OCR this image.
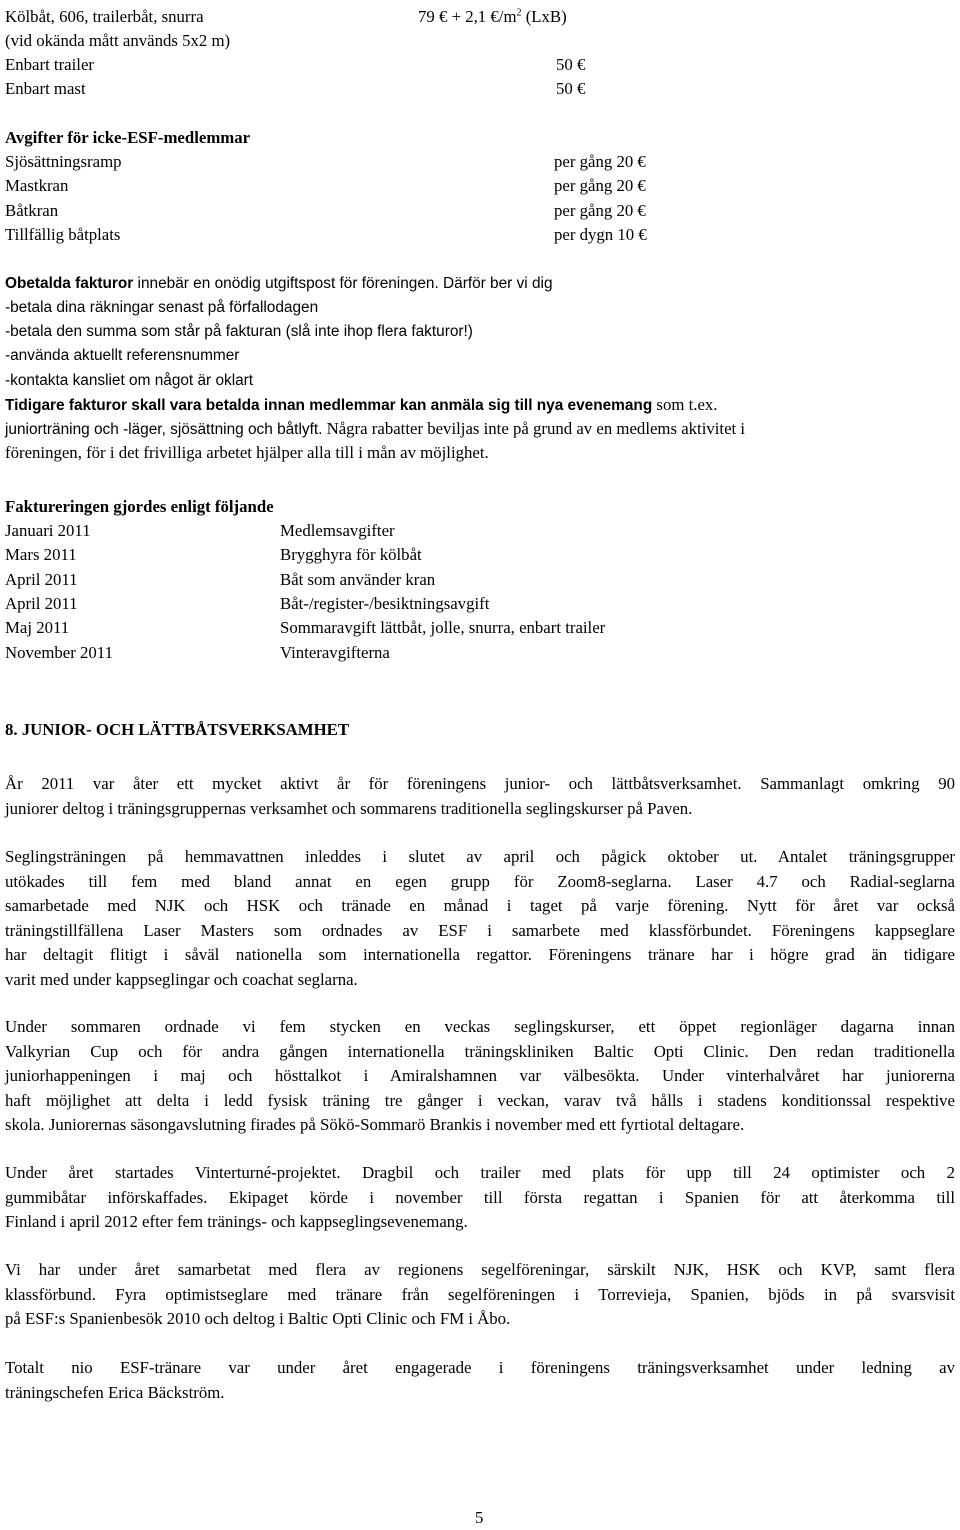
Kölbåt, 606, trailerbåt, snurra	79 € + 2,1 $€/m^2$ (LxB)
(vid okända mått används 5x2 m)
Enbart trailer	50 €
Enbart mast	50 €
Avgifter för icke-ESF-medlemmar
Sjösättningsramp	per gång 20 €
Mastkran	per gång 20 €
Båtkran	per gång 20 €
Tillfällig båtplats	per dygn 10 €
Obetalda fakturor innebär en onödig utgiftspost för föreningen. Därför ber vi dig
-betala dina räkningar senast på förfallodagen
-betala den summa som står på fakturan (slå inte ihop flera fakturor!)
-använda aktuellt referensnummer
-kontakta kansliet om något är oklart
Tidigare fakturor skall vara betalda innan medlemmar kan anmäla sig till nya evenemang som t.ex.
juniorträning och -läger, sjösättning och båtlyft. Några rabatter beviljas inte på grund av en medlems aktivitet i
föreningen, för i det frivilliga arbetet hjälper alla till i mån av möjlighet.
Faktureringen gjordes enligt följande
Januari 2011	Medlemsavgifter
Mars 2011	Brygghyra för kölbåt
April 2011	Båt som använder kran
April 2011	Båt-/register-/besiktningsavgift
Maj 2011	Sommaravgift lättbåt, jolle, snurra, enbart trailer
November 2011	Vinteravgifterna
8. JUNIOR- OCH LÄTTBÅTSVERKSAMHET
År 2011 var åter ett mycket aktivt år för föreningens junior- och lättbåtsverksamhet. Sammanlagt omkring 90
juniorer deltog i träningsgruppernas verksamhet och sommarens traditionella seglingskurser på Paven.
Seglingsträningen på hemmavattnen inleddes i slutet av april och pågick oktober ut. Antalet träningsgrupper
utökades till fem med bland annat en egen grupp för Zoom8-seglarna. Laser 4.7 och Radial-seglarna
samarbetade med NJK och HSK och tränade en månad i taget på varje förening. Nytt för året var också
träningstillfällena Laser Masters som ordnades av ESF i samarbete med klassförbundet. Föreningens kappseglare
har deltagit flitigt i såväl nationella som internationella regattor. Föreningens tränare har i högre grad än tidigare
varit med under kappseglingar och coachat seglarna.
Under sommaren ordnade vi fem stycken en veckas seglingskurser, ett öppet regionläger dagarna innan
Valkyrian Cup och för andra gången internationella träningskliniken Baltic Opti Clinic. Den redan traditionella
juniorhappeningen i maj och hösttalkot i Amiralshamnen var välbesökta. Under vinterhalvåret har juniorerna
haft möjlighet att delta i ledd fysisk träning tre gånger i veckan, varav två hålls i stadens konditionssal respektive
skola. Juniorernas säsongavslutning firades på Sökö-Sommarö Brankis i november med ett fyrtiotal deltagare.
Under året startades Vinterturné-projektet. Dragbil och trailer med plats för upp till 24 optimister och 2
gummibåtar införskaffades. Ekipaget körde i november till första regattan i Spanien för att återkomma till
Finland i april 2012 efter fem tränings- och kappseglingsevenemang.
Vi har under året samarbetat med flera av regionens segelföreningar, särskilt NJK, HSK och KVP, samt flera
klassförbund. Fyra optimistseglare med tränare från segelföreningen i Torrevieja, Spanien, bjöds in på svarsvisit
på ESF:s Spanienbesök 2010 och deltog i Baltic Opti Clinic och FM i Åbo.
Totalt nio ESF-tränare var under året engagerade i föreningens träningsverksamhet under ledning av
träningschefen Erica Bäckström.
5
